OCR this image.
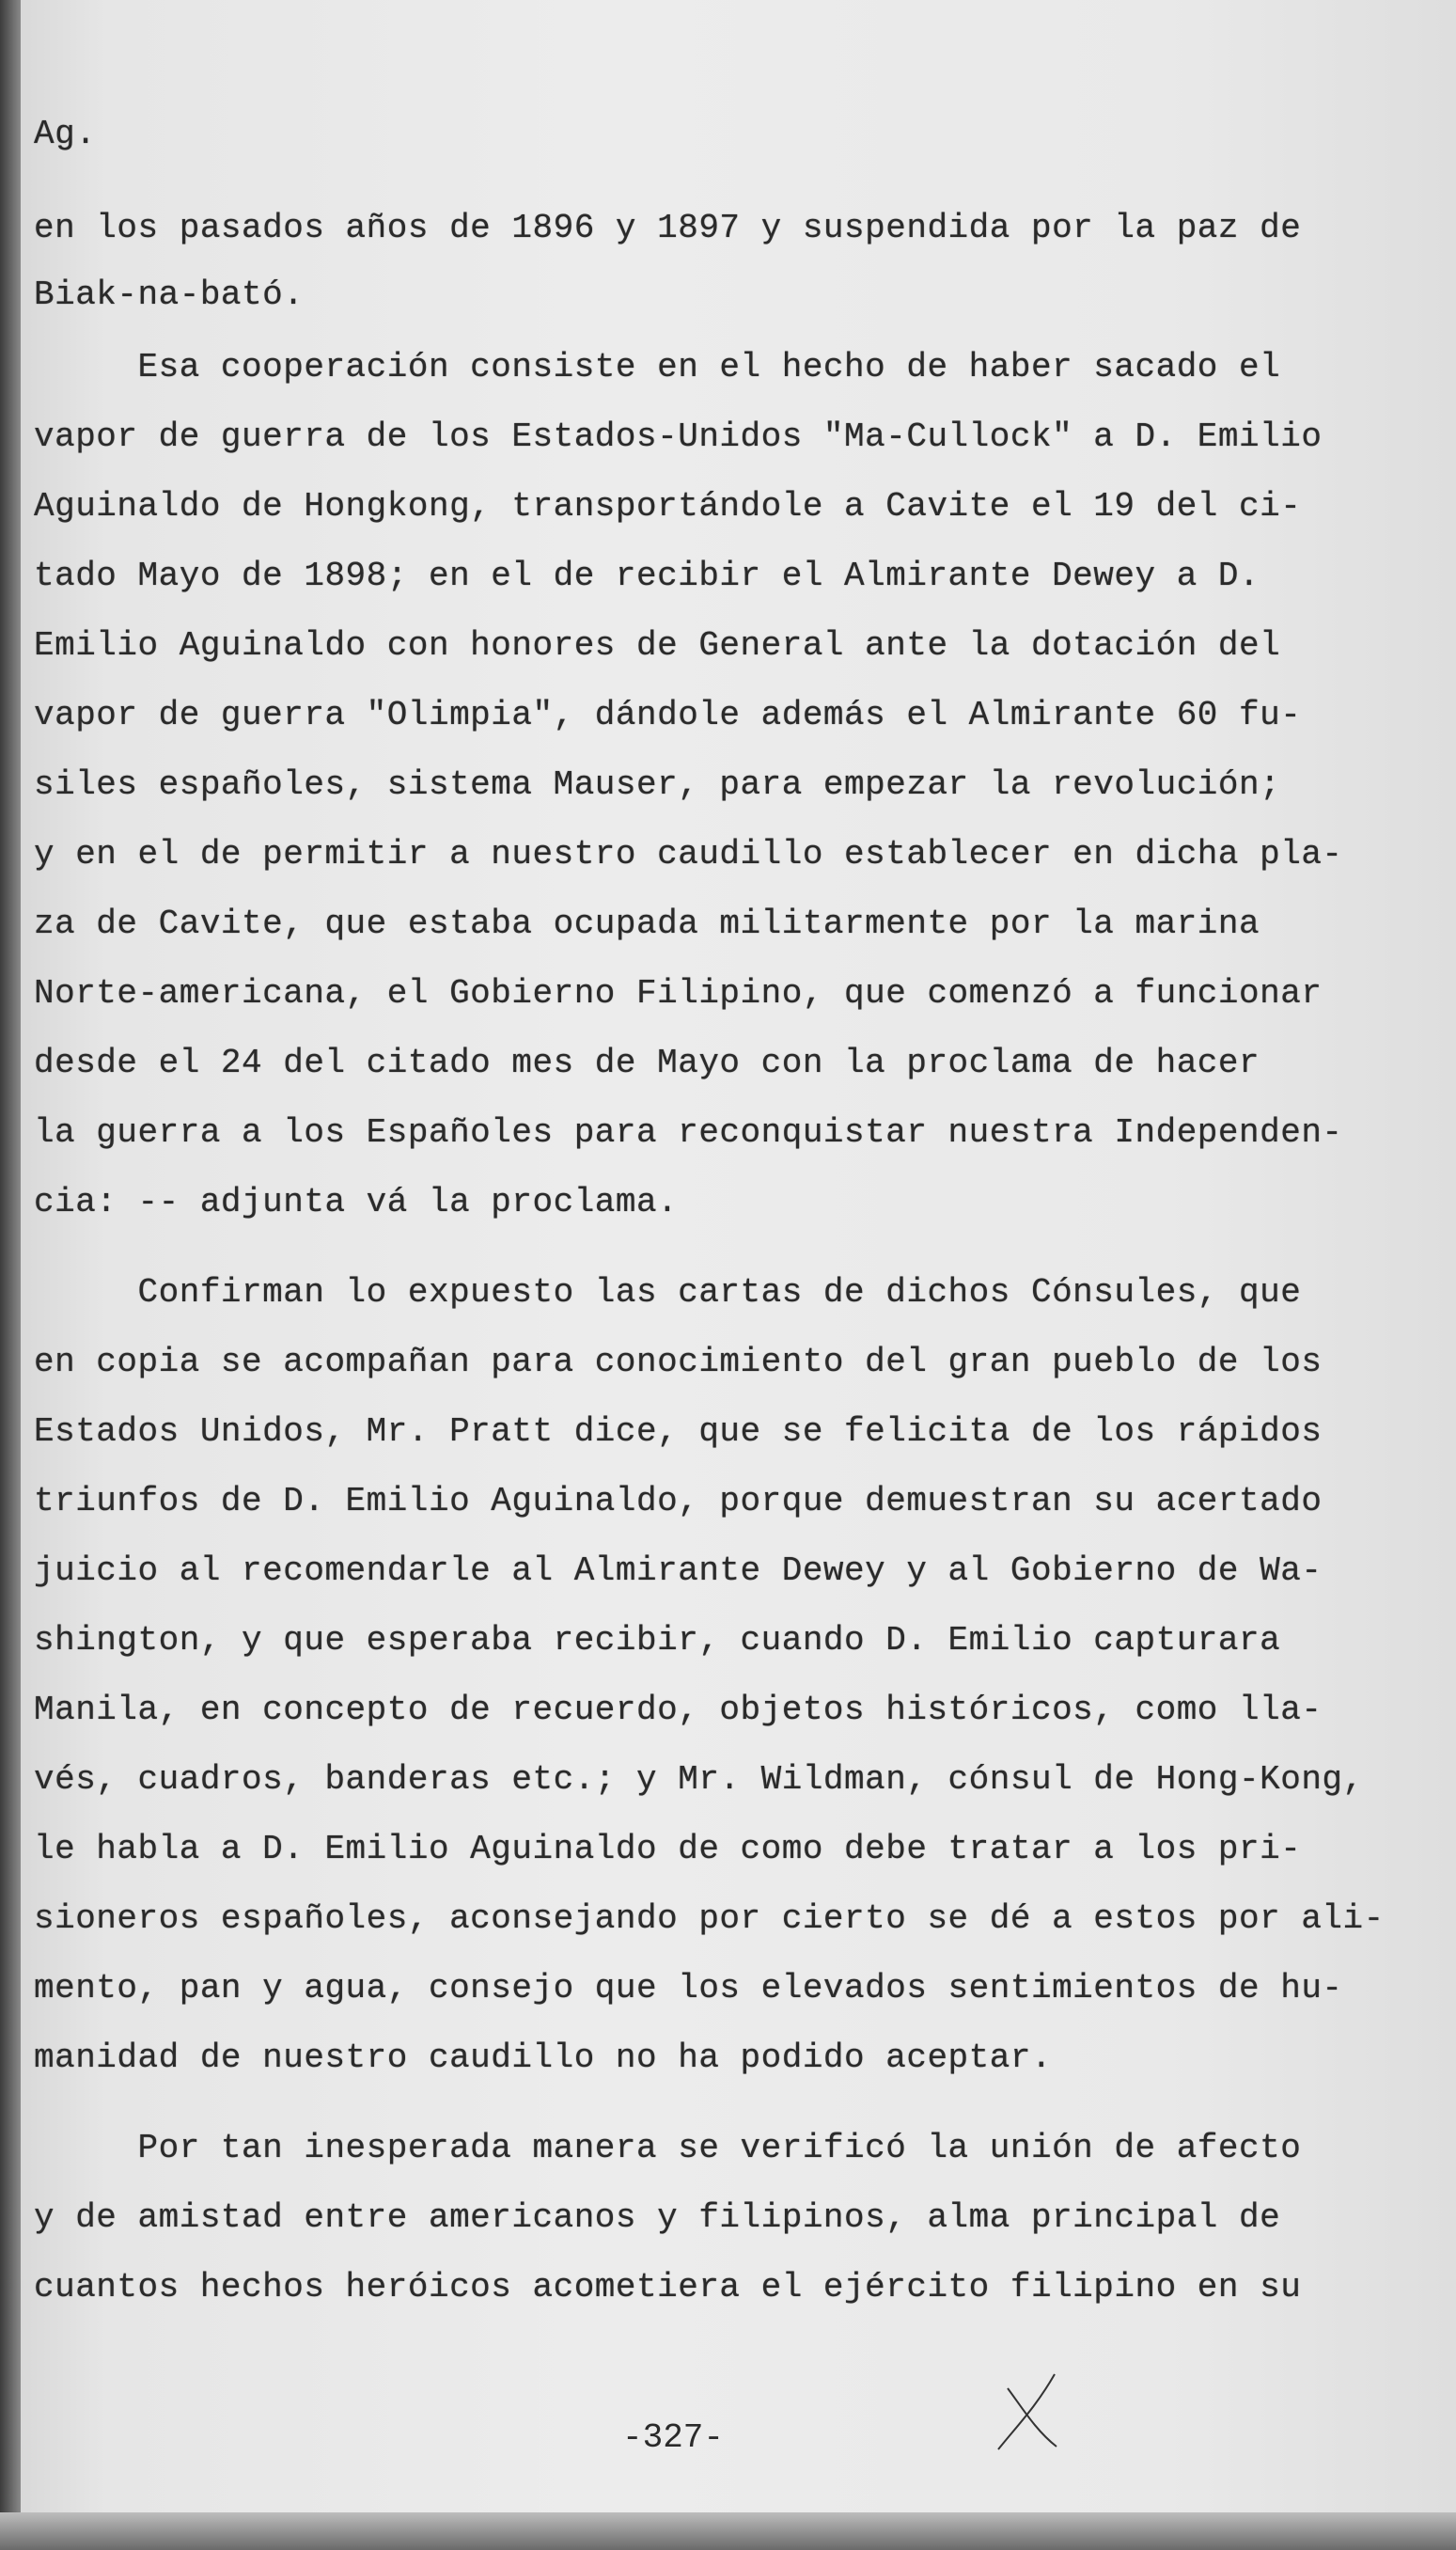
Ag.

en los pasados años de 1896 y 1897 y suspendida por la paz de

Biak-na-bató.

Esa cooperación consiste en el hecho de haber sacado el

vapor de guerra de los Estados-Unidos "Ma-Cullock" a D. Emilio

Aguinaldo de Hongkong, transportándole a Cavite el 19 del ci-

tado Mayo de 1898; en el de recibir el Almirante Dewey a D.

Emilio Aguinaldo con honores de General ante la dotación del

vapor de guerra "Olimpia", dándole además el Almirante 60 fu-

siles españoles, sistema Mauser, para empezar la revolución;

y en el de permitir a nuestro caudillo establecer en dicha pla-

za de Cavite, que estaba ocupada militarmente por la marina

Norte-americana, el Gobierno Filipino, que comenzó a funcionar

desde el 24 del citado mes de Mayo con la proclama de hacer

la guerra a los Españoles para reconquistar nuestra Independen-

cia: -- adjunta vá la proclama.

Confirman lo expuesto las cartas de dichos Cónsules, que

en copia se acompañan para conocimiento del gran pueblo de los

Estados Unidos, Mr. Pratt dice, que se felicita de los rápidos

triunfos de D. Emilio Aguinaldo, porque demuestran su acertado

juicio al recomendarle al Almirante Dewey y al Gobierno de Wa-

shington, y que esperaba recibir, cuando D. Emilio capturara

Manila, en concepto de recuerdo, objetos históricos, como lla-

vés, cuadros, banderas etc.; y Mr. Wildman, cónsul de Hong-Kong,

le habla a D. Emilio Aguinaldo de como debe tratar a los pri-

sioneros españoles, aconsejando por cierto se dé a estos por ali-

mento, pan y agua, consejo que los elevados sentimientos de hu-

manidad de nuestro caudillo no ha podido aceptar.

Por tan inesperada manera se verificó la unión de afecto

y de amistad entre americanos y filipinos, alma principal de

cuantos hechos heróicos acometiera el ejército filipino en su

-327-
